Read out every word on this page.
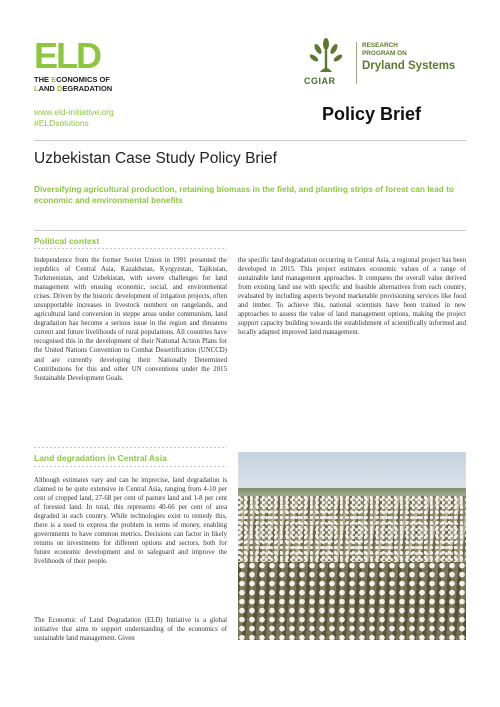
ELD
THE ECONOMICS OF
LAND DEGRADATION
CGIAR
RESEARCH
PROGRAM ON
Dryland Systems
www.eld-initiative.org
#ELDsolutions	Policy Brief
Uzbekistan Case Study Policy Brief
Diversifying agricultural production, retaining biomass in the field, and planting strips of forest can lead to economic and environmental benefits
Political context
Independence from the former Soviet Union in 1991 presented the republics of Central Asia, Kazakhstan, Kyrgyzstan, Tajikistan, Turkmenistan, and Uzbekistan, with severe challenges for land management with ensuing economic, social, and environmental crises. Driven by the historic development of irrigation projects, often unsupportable increases in livestock numbers on rangelands, and agricultural land conversion in steppe areas under communism, land degradation has become a serious issue in the region and threatens current and future livelihoods of rural populations. All countries have recognised this in the development of their National Action Plans for the United Nations Convention to Combat Desertification (UNCCD) and are currently developing their Nationally Determined Contributions for this and other UN conventions under the 2015 Sustainable Development Goals.
Land degradation in Central Asia
Although estimates vary and can be imprecise, land degradation is claimed to be quite extensive in Central Asia, ranging from 4-10 per cent of cropped land, 27-68 per cent of pasture land and 1-8 per cent of forested land. In total, this represents 40-66 per cent of area degraded in each country. While technologies exist to remedy this, there is a need to express the problem in terms of money, enabling governments to have common metrics. Decisions can factor in likely returns on investments for different options and sectors, both for future economic development and to safeguard and improve the livelihoods of their people.
The Economic of Land Degradation (ELD) Initiative is a global initiative that aims to support understanding of the economics of sustainable land management. Given
the specific land degradation occurring in Central Asia, a regional project has been developed in 2015. This project estimates economic values of a range of sustainable land management approaches. It compares the overall value derived from existing land use with specific and feasible alternatives from each country, evaluated by including aspects beyond marketable provisioning services like food and timber. To achieve this, national scientists have been trained in new approaches to assess the value of land management options, making the project support capacity building towards the establishment of scientifically informed and locally adapted improved land management.
